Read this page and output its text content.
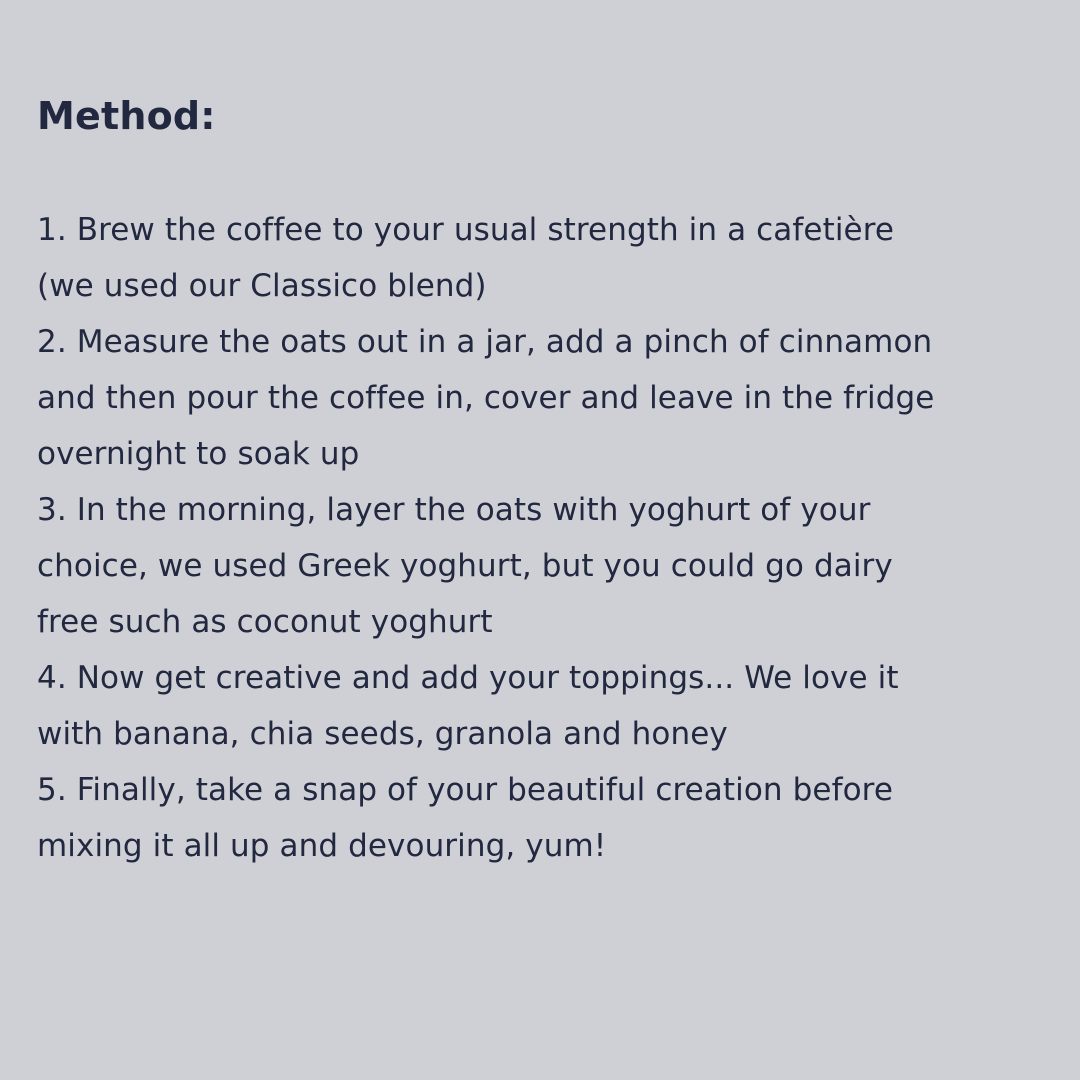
Method:
1. Brew the coffee to your usual strength in a cafetière
(we used our Classico blend)
2. Measure the oats out in a jar, add a pinch of cinnamon
and then pour the coffee in, cover and leave in the fridge
overnight to soak up
3. In the morning, layer the oats with yoghurt of your
choice, we used Greek yoghurt, but you could go dairy
free such as coconut yoghurt
4. Now get creative and add your toppings... We love it
with banana, chia seeds, granola and honey
5. Finally, take a snap of your beautiful creation before
mixing it all up and devouring, yum!
